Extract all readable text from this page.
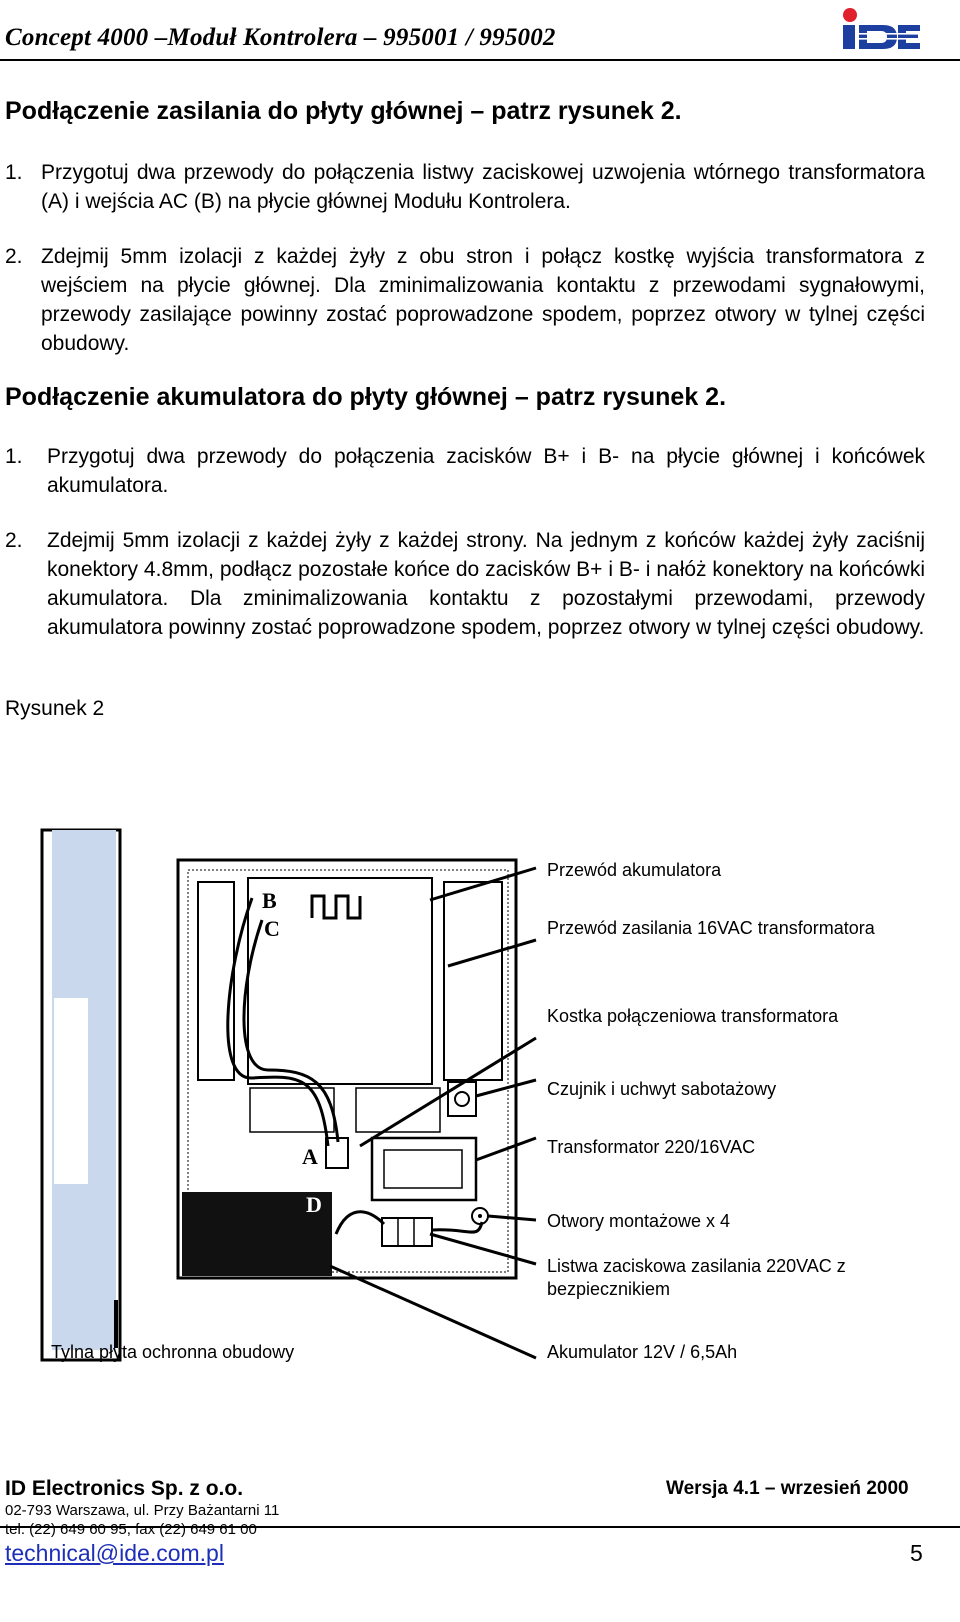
Concept 4000 –Moduł Kontrolera – 995001 / 995002
Podłączenie zasilania do płyty głównej – patrz rysunek 2.
1. Przygotuj dwa przewody do połączenia listwy zaciskowej uzwojenia wtórnego transformatora (A) i wejścia AC (B) na płycie głównej Modułu Kontrolera.
2. Zdejmij 5mm izolacji z każdej żyły z obu stron i połącz kostkę wyjścia transformatora z wejściem na płycie głównej. Dla zminimalizowania kontaktu z przewodami sygnałowymi, przewody zasilające powinny zostać poprowadzone spodem, poprzez otwory w tylnej części obudowy.
Podłączenie akumulatora do płyty głównej – patrz rysunek 2.
1. Przygotuj dwa przewody do połączenia zacisków B+ i B- na płycie głównej i końcówek akumulatora.
2. Zdejmij 5mm izolacji z każdej żyły z każdej strony. Na jednym z końców każdej żyły zaciśnij konektory 4.8mm, podłącz pozostałe końce do zacisków B+ i B- i nałóż konektory na końcówki akumulatora. Dla zminimalizowania kontaktu z pozostałymi przewodami, przewody akumulatora powinny zostać poprowadzone spodem, poprzez otwory w tylnej części obudowy.
Rysunek 2
B
C
A
D
Przewód akumulatora
Przewód zasilania 16VAC transformatora
Kostka połączeniowa transformatora
Czujnik i uchwyt sabotażowy
Transformator 220/16VAC
Otwory montażowe x 4
Listwa zaciskowa zasilania 220VAC z bezpiecznikiem
Akumulator 12V / 6,5Ah
Tylna płyta ochronna obudowy
ID Electronics Sp. z o.o.	Wersja 4.1 – wrzesień 2000
02-793 Warszawa, ul. Przy Bażantarni 11
tel. (22) 649 60 95, fax (22) 649 61 00
technical@ide.com.pl	5
